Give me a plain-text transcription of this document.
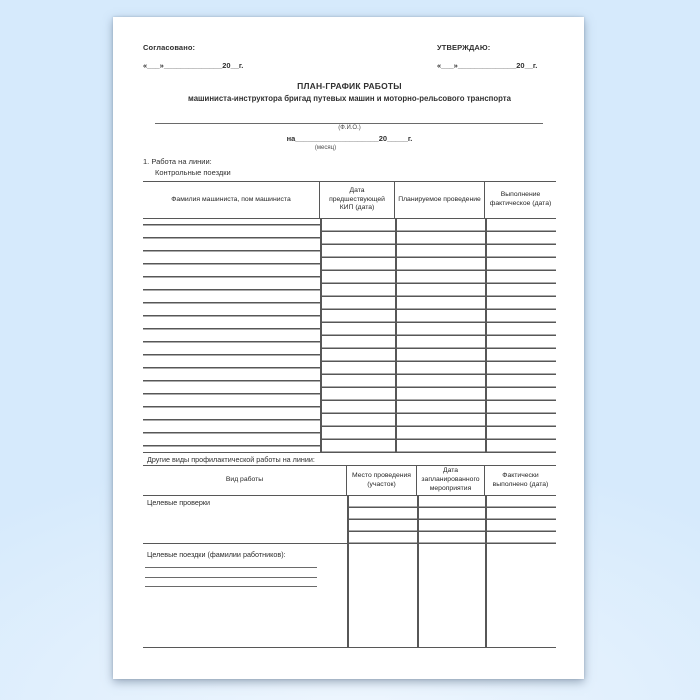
Согласовано:	УТВЕРЖДАЮ:
«___»______________20__г.	«___»______________20__г.
ПЛАН-ГРАФИК РАБОТЫ
машиниста-инструктора бригад путевых машин и моторно-рельсового транспорта
(Ф.И.О.)
на____________________20_____г.
(месяц)
1. Работа на линии:
Контрольные поездки
Фамилия машиниста, пом машиниста
Дата предшествующей КИП (дата)
Планируемое проведение
Выполнение фактическое (дата)
Другие виды профилактической работы на линии:
Вид работы
Место проведения (участок)
Дата запланированного мероприятия
Фактически выполнено (дата)
Целевые проверки
Целевые поездки (фамилии работников):
